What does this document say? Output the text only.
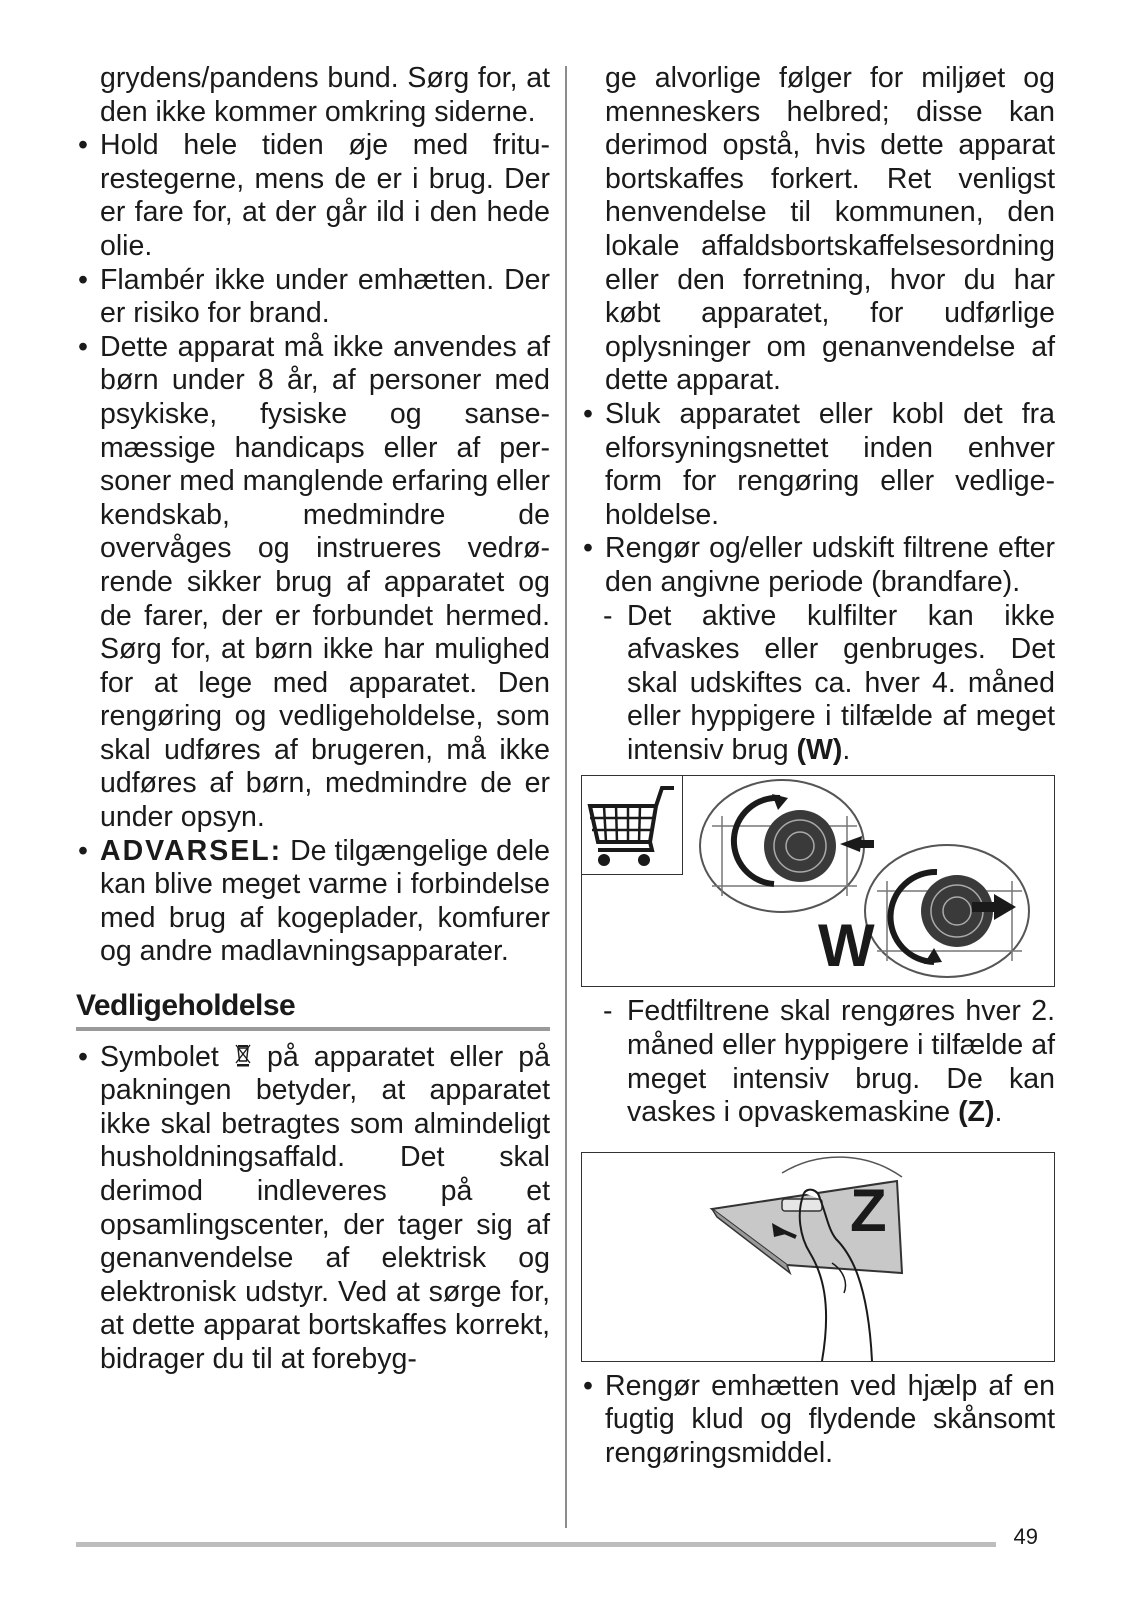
grydens/pandens bund. Sørg for, at den ikke kommer omkring siderne.

• Hold hele tiden øje med friturestegerne, mens de er i brug. Der er fare for, at der går ild i den hede olie.

• Flambér ikke under emhætten. Der er risiko for brand.

• Dette apparat må ikke anvendes af børn under 8 år, af personer med psykiske, fysiske og sansemæssige handicaps eller af personer med manglende erfaring eller kendskab, medmindre de overvåges og instrueres vedrørende sikker brug af apparatet og de farer, der er forbundet hermed. Sørg for, at børn ikke har mulighed for at lege med apparatet. Den rengøring og vedligeholdelse, som skal udføres af brugeren, må ikke udføres af børn, medmindre de er under opsyn.

• ADVARSEL: De tilgængelige dele kan blive meget varme i forbindelse med brug af kogeplader, komfurer og andre madlavningsapparater.

Vedligeholdelse

• Symbolet  på apparatet eller på pakningen betyder, at apparatet ikke skal betragtes som almindeligt husholdningsaffald. Det skal derimod indleveres på et opsamlingscenter, der tager sig af genanvendelse af elektrisk og elektronisk udstyr. Ved at sørge for, at dette apparat bortskaffes korrekt, bidrager du til at forebyg-

ge alvorlige følger for miljøet og menneskers helbred; disse kan derimod opstå, hvis dette apparat bortskaffes forkert. Ret venligst henvendelse til kommunen, den lokale affaldsbortskaffelsesordning eller den forretning, hvor du har købt apparatet, for udførlige oplysninger om genanvendelse af dette apparat.

• Sluk apparatet eller kobl det fra elforsyningsnettet inden enhver form for rengøring eller vedligeholdelse.

• Rengør og/eller udskift filtrene efter den angivne periode (brandfare).

- Det aktive kulfilter kan ikke afvaskes eller genbruges. Det skal udskiftes ca. hver 4. måned eller hyppigere i tilfælde af meget intensiv brug (W).

W

- Fedtfiltrene skal rengøres hver 2. måned eller hyppigere i tilfælde af meget intensiv brug. De kan vaskes i opvaskemaskine (Z).

Z

• Rengør emhætten ved hjælp af en fugtig klud og flydende skånsomt rengøringsmiddel.

49
